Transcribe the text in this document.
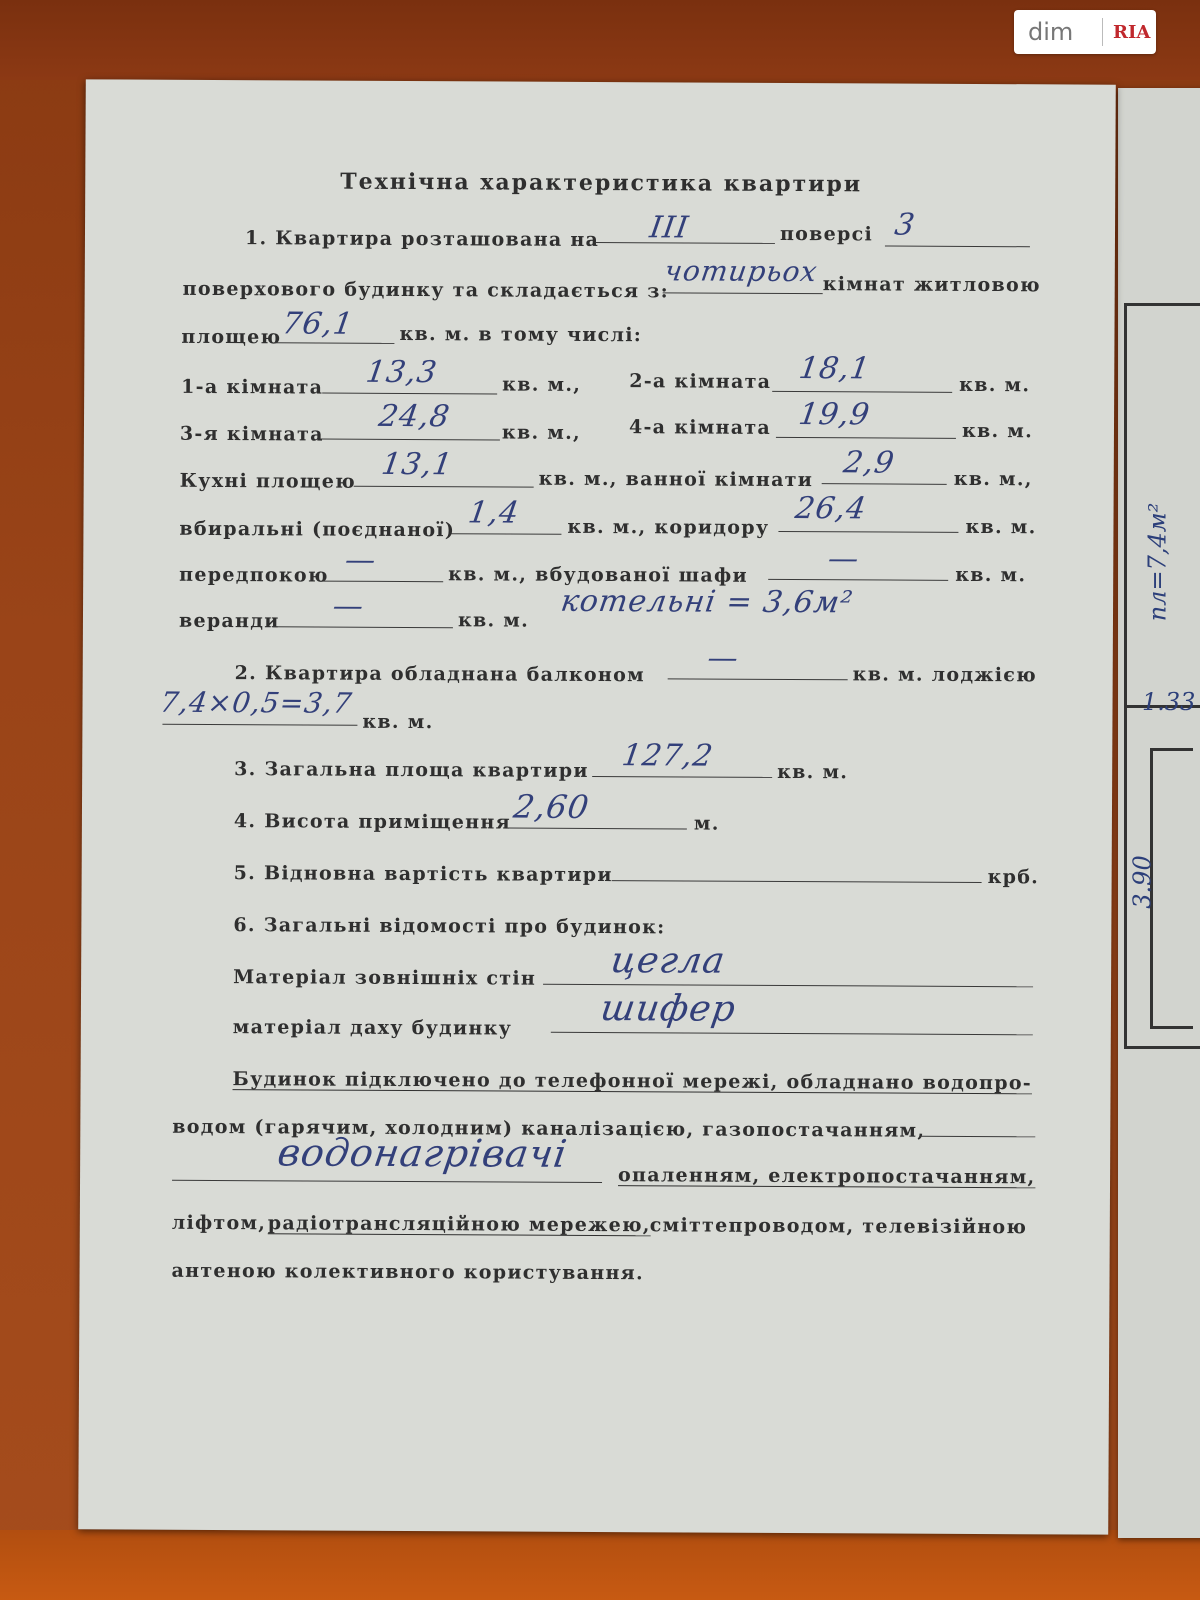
пл=7,4м²
1.33
3.90
Технічна характеристика квартири
1. Квартира розташована на III	поверсі 3
поверхового будинку та складається з:
чотирьох кімнат житловою
площею
76,1 кв. м. в тому числі:
1-а кімната 13,3	кв. м.,	2-а кімната 18,1	кв. м.
3-я кімната 24,8	кв. м.,	4-а кімната 19,9	кв. м.
Кухні площею 13,1	кв. м., ванної кімнати 2,9	кв. м.,
вбиральні (поєднаної) 1,4 кв. м., коридору
26,4
кв. м.
передпокою —	кв. м., вбудованої шафи	—	кв. м.
веранди —	кв. м.
котельні = 3,6м²
2. Квартира обладнана балконом —	кв. м. лоджією
7,4×0,5=3,7
кв. м.
3. Загальна площа квартири 127,2	кв. м.
4. Висота приміщення 2,60	м.
5. Відновна вартість квартири	крб.
6. Загальні відомості про будинок:
Матеріал зовнішніх стін цегла
матеріал даху будинку шифер
Будинок підключено до телефонної мережі, обладнано водопро-
водом (гарячим, холодним) каналізацією, газопостачанням,
водонагрівачі
опаленням, електропостачанням,
ліфтом, радіотрансляційною мережею,
сміттепроводом, телевізійною
антеною колективного користування.
dim	RIA
